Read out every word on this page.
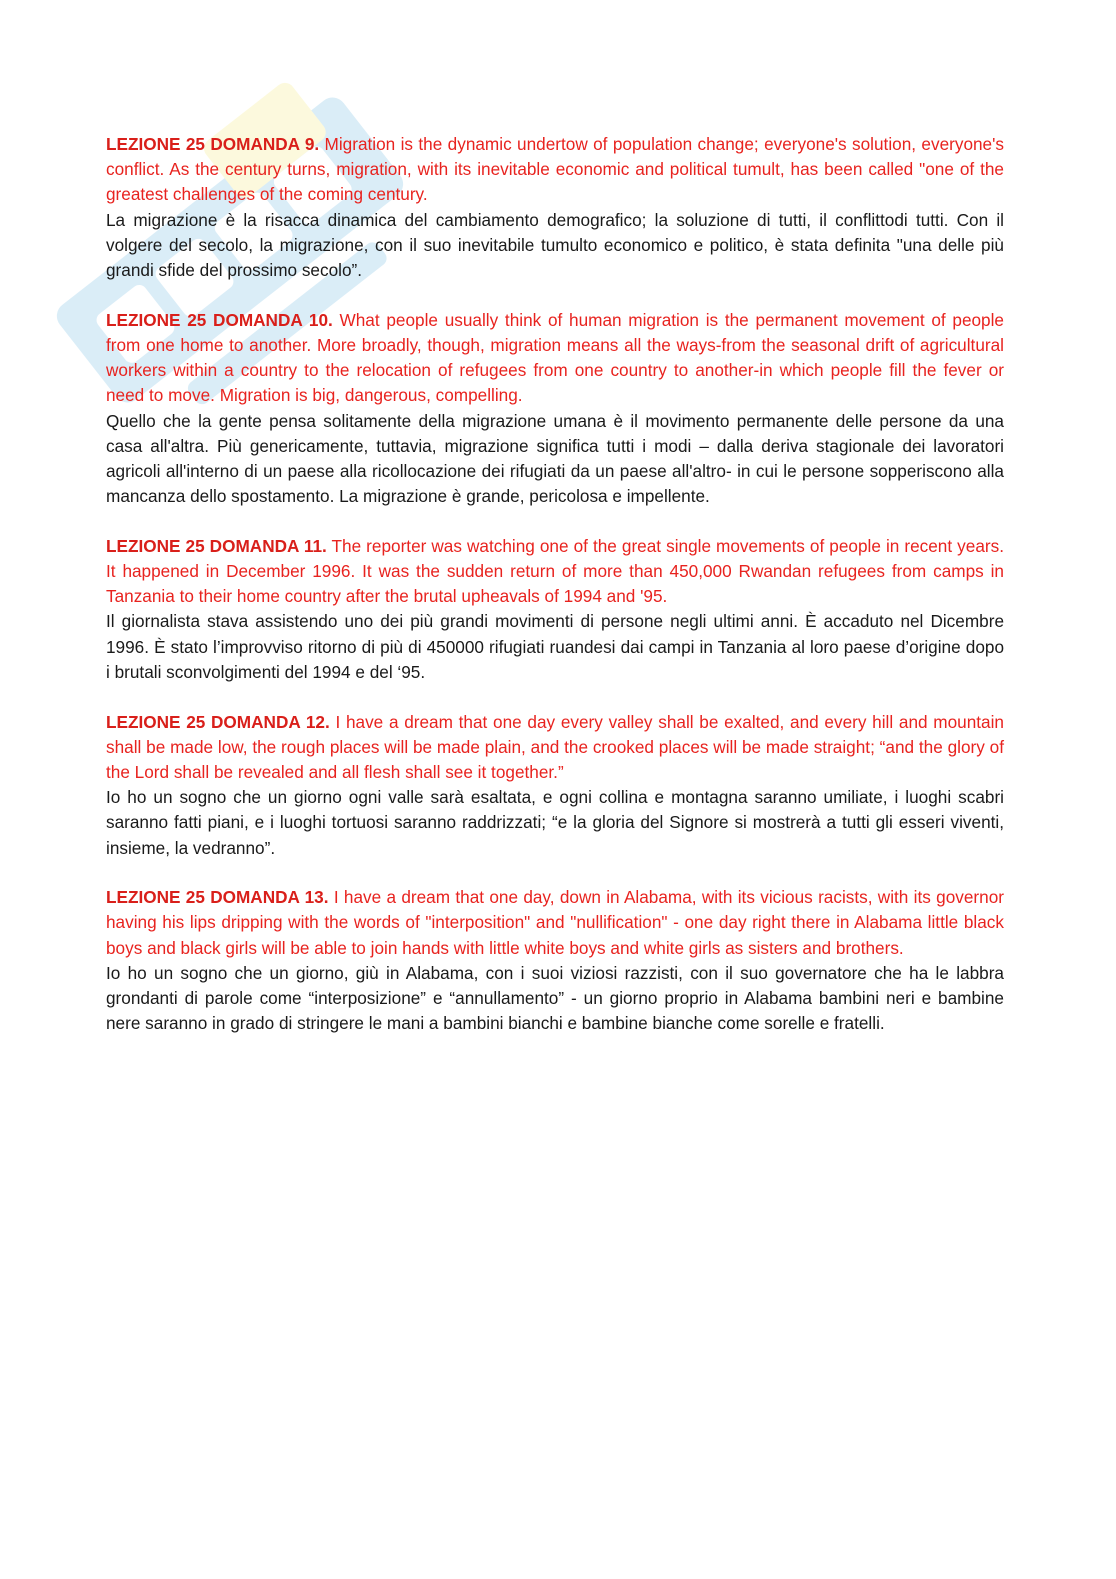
LEZIONE 25 DOMANDA 9. Migration is the dynamic undertow of population change; everyone's solution, everyone's conflict. As the century turns, migration, with its inevitable economic and political tumult, has been called "one of the greatest challenges of the coming century.

La migrazione è la risacca dinamica del cambiamento demografico; la soluzione di tutti, il conflittodi tutti. Con il volgere del secolo, la migrazione, con il suo inevitabile tumulto economico e politico, è stata definita "una delle più grandi sfide del prossimo secolo”.

LEZIONE 25 DOMANDA 10. What people usually think of human migration is the permanent movement of people from one home to another. More broadly, though, migration means all the ways-from the seasonal drift of agricultural workers within a country to the relocation of refugees from one country to another-in which people fill the fever or need to move. Migration is big, dangerous, compelling.

Quello che la gente pensa solitamente della migrazione umana è il movimento permanente delle persone da una casa all'altra. Più genericamente, tuttavia, migrazione significa tutti i modi – dalla deriva stagionale dei lavoratori agricoli all'interno di un paese alla ricollocazione dei rifugiati da un paese all'altro- in cui le persone sopperiscono alla mancanza dello spostamento. La migrazione è grande, pericolosa e impellente.

LEZIONE 25 DOMANDA 11. The reporter was watching one of the great single movements of people in recent years. It happened in December 1996. It was the sudden return of more than 450,000 Rwandan refugees from camps in Tanzania to their home country after the brutal upheavals of 1994 and '95.

Il giornalista stava assistendo uno dei più grandi movimenti di persone negli ultimi anni. È accaduto nel Dicembre 1996. È stato l’improvviso ritorno di più di 450000 rifugiati ruandesi dai campi in Tanzania al loro paese d’origine dopo i brutali sconvolgimenti del 1994 e del ‘95.

LEZIONE 25 DOMANDA 12. I have a dream that one day every valley shall be exalted, and every hill and mountain shall be made low, the rough places will be made plain, and the crooked places will be made straight; “and the glory of the Lord shall be revealed and all flesh shall see it together.”

Io ho un sogno che un giorno ogni valle sarà esaltata, e ogni collina e montagna saranno umiliate, i luoghi scabri saranno fatti piani, e i luoghi tortuosi saranno raddrizzati; “e la gloria del Signore si mostrerà a tutti gli esseri viventi, insieme, la vedranno”.

LEZIONE 25 DOMANDA 13. I have a dream that one day, down in Alabama, with its vicious racists, with its governor having his lips dripping with the words of "interposition" and "nullification" - one day right there in Alabama little black boys and black girls will be able to join hands with little white boys and white girls as sisters and brothers.

Io ho un sogno che un giorno, giù in Alabama, con i suoi viziosi razzisti, con il suo governatore che ha le labbra grondanti di parole come “interposizione” e “annullamento” - un giorno proprio in Alabama bambini neri e bambine nere saranno in grado di stringere le mani a bambini bianchi e bambine bianche come sorelle e fratelli.
